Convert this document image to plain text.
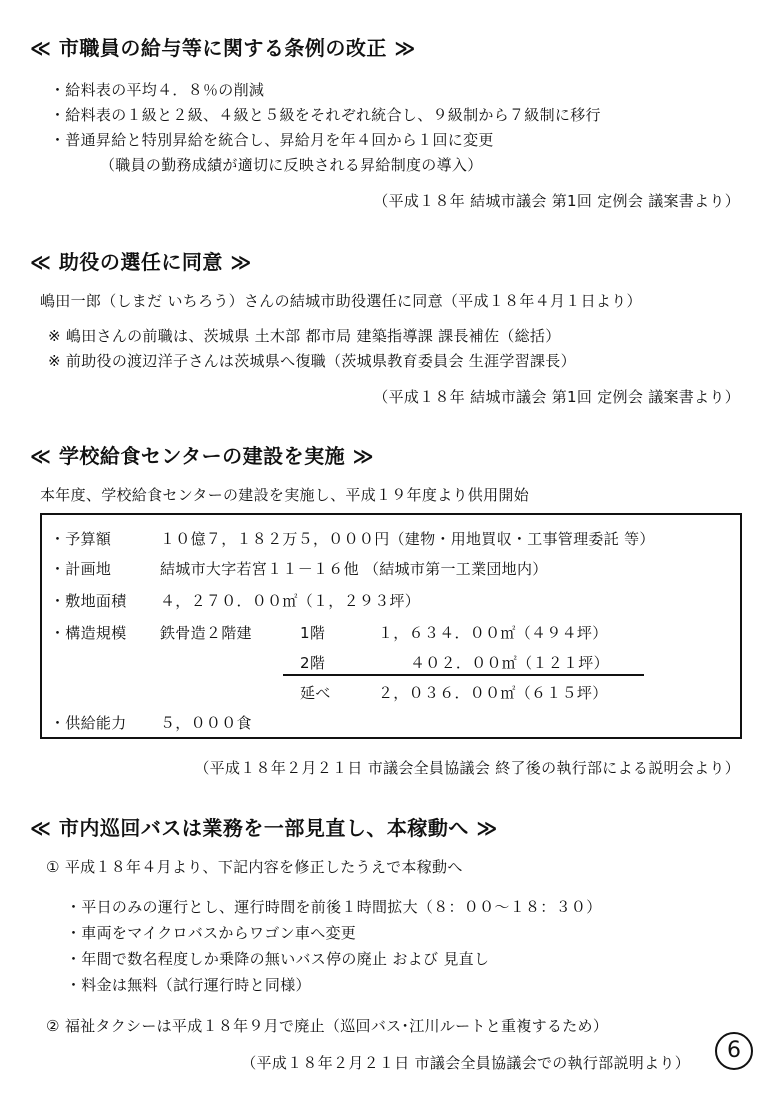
≪ 市職員の給与等に関する条例の改正 ≫
・給料表の平均４．８％の削減
・給料表の１級と２級、４級と５級をそれぞれ統合し、９級制から７級制に移行
・普通昇給と特別昇給を統合し、昇給月を年４回から１回に変更
（職員の勤務成績が適切に反映される昇給制度の導入）
（平成１８年 結城市議会 第1回 定例会 議案書より）
≪ 助役の選任に同意 ≫
嶋田一郎（しまだ いちろう）さんの結城市助役選任に同意（平成１８年４月１日より）
※ 嶋田さんの前職は、茨城県 土木部 都市局 建築指導課 課長補佐（総括）
※ 前助役の渡辺洋子さんは茨城県へ復職（茨城県教育委員会 生涯学習課長）
（平成１８年 結城市議会 第1回 定例会 議案書より）
≪ 学校給食センターの建設を実施 ≫
本年度、学校給食センターの建設を実施し、平成１９年度より供用開始
・予算額	１０億７，１８２万５，０００円（建物・用地買収・工事管理委託 等）
・計画地	結城市大字若宮１１－１６他 （結城市第一工業団地内）
・敷地面積 ４，２７０．００㎡（１，２９３坪）
・構造規模 鉄骨造２階建	1階	１，６３４．００㎡（４９４坪）
2階	４０２．００㎡（１２１坪）
延べ	２，０３６．００㎡（６１５坪）
・供給能力 ５，０００食
（平成１８年２月２１日 市議会全員協議会 終了後の執行部による説明会より）
≪ 市内巡回バスは業務を一部見直し、本稼動へ ≫
① 平成１８年４月より、下記内容を修正したうえで本稼動へ
・平日のみの運行とし、運行時間を前後１時間拡大（８：００～１８：３０）
・車両をマイクロバスからワゴン車へ変更
・年間で数名程度しか乗降の無いバス停の廃止 および 見直し
・料金は無料（試行運行時と同様）
② 福祉タクシーは平成１８年９月で廃止（巡回バス･江川ルートと重複するため）
（平成１８年２月２１日 市議会全員協議会での執行部説明より）	6
